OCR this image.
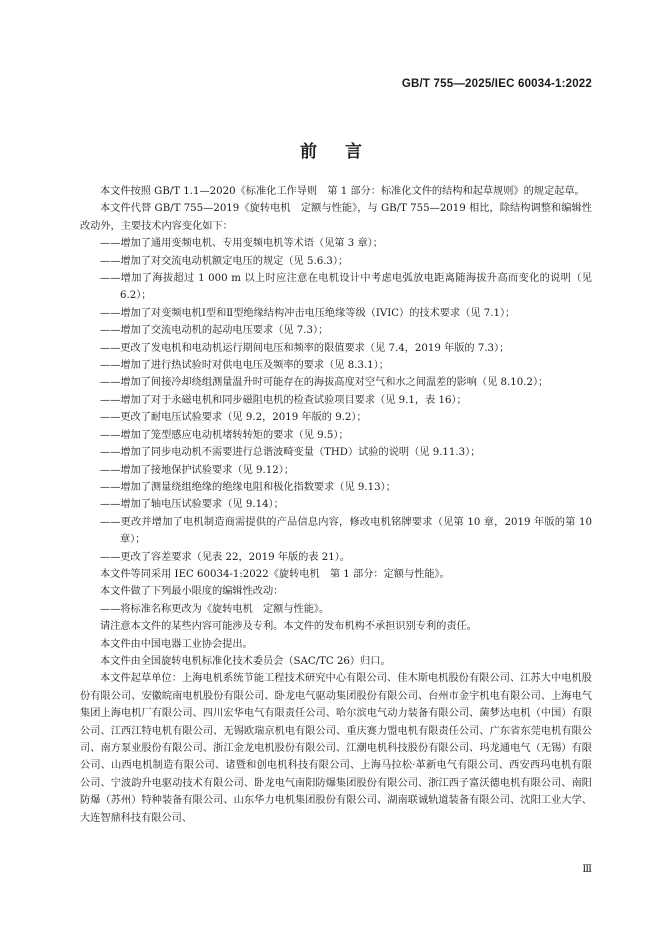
GB/T 755—2025/IEC 60034-1:2022
前言

本文件按照 GB/T 1.1—2020《标准化工作导则　第 1 部分：标准化文件的结构和起草规则》的规定起草。

本文件代替 GB/T 755—2019《旋转电机　定额与性能》，与 GB/T 755—2019 相比，除结构调整和编辑性改动外，主要技术内容变化如下：

——增加了通用变频电机、专用变频电机等术语（见第 3 章）；

——增加了对交流电动机额定电压的规定（见 5.6.3）；

——增加了海拔超过 1 000 m 以上时应注意在电机设计中考虑电弧放电距离随海拔升高而变化的说明（见 6.2）；

——增加了对变频电机Ⅰ型和Ⅱ型绝缘结构冲击电压绝缘等级（IVIC）的技术要求（见 7.1）；

——增加了交流电动机的起动电压要求（见 7.3）；

——更改了发电机和电动机运行期间电压和频率的限值要求（见 7.4，2019 年版的 7.3）；

——增加了进行热试验时对供电电压及频率的要求（见 8.3.1）；

——增加了间接冷却绕组测量温升时可能存在的海拔高度对空气和水之间温差的影响（见 8.10.2）；

——增加了对于永磁电机和同步磁阻电机的检查试验项目要求（见 9.1，表 16）；

——更改了耐电压试验要求（见 9.2，2019 年版的 9.2）；

——增加了笼型感应电动机堵转转矩的要求（见 9.5）；

——增加了同步电动机不需要进行总谐波畸变量（THD）试验的说明（见 9.11.3）；

——增加了接地保护试验要求（见 9.12）；

——增加了测量绕组绝缘的绝缘电阻和极化指数要求（见 9.13）；

——增加了轴电压试验要求（见 9.14）；

——更改并增加了电机制造商需提供的产品信息内容，修改电机铭牌要求（见第 10 章，2019 年版的第 10 章）；

——更改了容差要求（见表 22，2019 年版的表 21）。

本文件等同采用 IEC 60034-1:2022《旋转电机　第 1 部分：定额与性能》。

本文件做了下列最小限度的编辑性改动：

——将标准名称更改为《旋转电机　定额与性能》。

请注意本文件的某些内容可能涉及专利。本文件的发布机构不承担识别专利的责任。

本文件由中国电器工业协会提出。

本文件由全国旋转电机标准化技术委员会（SAC/TC 26）归口。

本文件起草单位：上海电机系统节能工程技术研究中心有限公司、佳木斯电机股份有限公司、江苏大中电机股份有限公司、安徽皖南电机股份有限公司、卧龙电气驱动集团股份有限公司、台州市金宇机电有限公司、上海电气集团上海电机厂有限公司、四川宏华电气有限责任公司、哈尔滨电气动力装备有限公司、菌梦达电机（中国）有限公司、江西江特电机有限公司、无锡欧瑞京机电有限公司、重庆赛力盟电机有限责任公司、广东省东莞电机有限公司、南方泵业股份有限公司、浙江金龙电机股份有限公司、江潮电机科技股份有限公司、玛龙通电气（无锡）有限公司、山西电机制造有限公司、诸暨和创电机科技有限公司、上海马拉松·革新电气有限公司、西安西玛电机有限公司、宁波韵升电驱动技术有限公司、卧龙电气南阳防爆集团股份有限公司、浙江西子富沃德电机有限公司、南阳防爆（苏州）特种装备有限公司、山东华力电机集团股份有限公司、湖南联诚轨道装备有限公司、沈阳工业大学、大连智鼎科技有限公司、

Ⅲ
